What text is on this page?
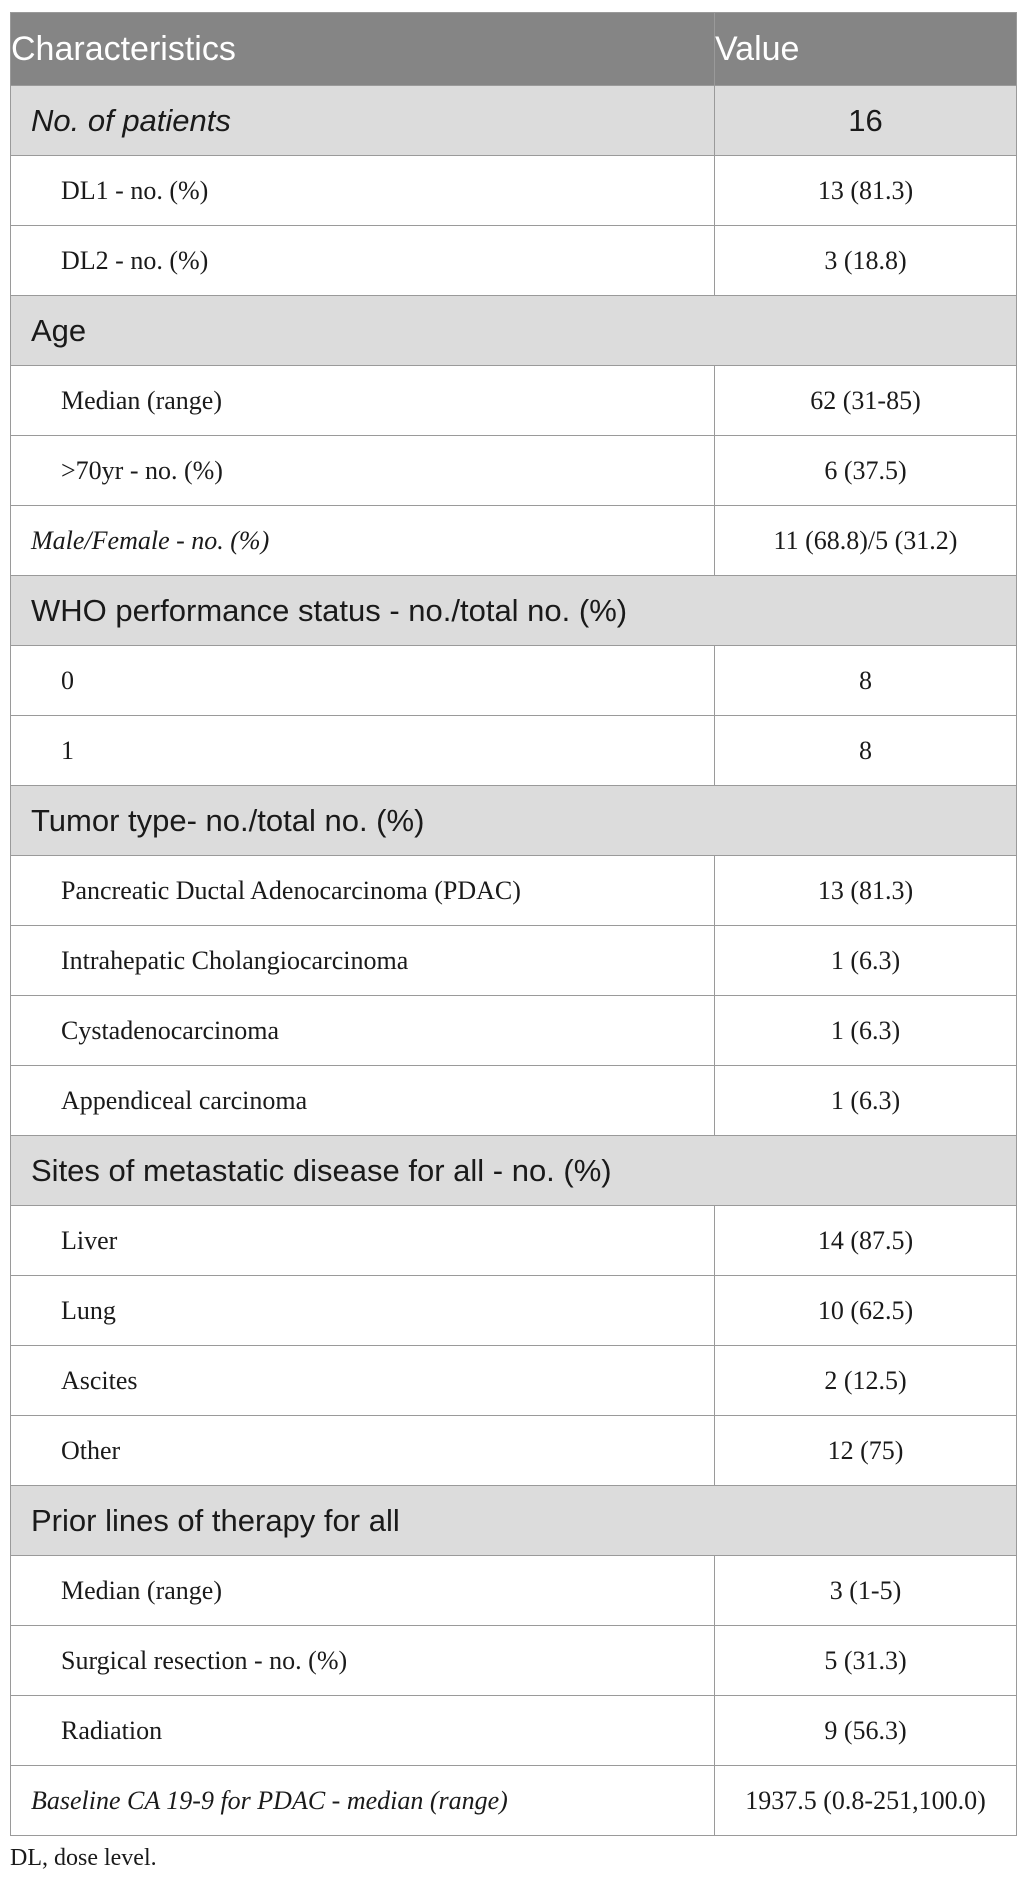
Characteristics	Value
No. of patients	16
DL1 - no. (%)	13 (81.3)
DL2 - no. (%)	3 (18.8)
Age	
Median (range)	62 (31-85)
>70yr - no. (%)	6 (37.5)
Male/Female - no. (%)	11 (68.8)/5 (31.2)
WHO performance status - no./total no. (%)	
0	8
1	8
Tumor type- no./total no. (%)	
Pancreatic Ductal Adenocarcinoma (PDAC)	13 (81.3)
Intrahepatic Cholangiocarcinoma	1 (6.3)
Cystadenocarcinoma	1 (6.3)
Appendiceal carcinoma	1 (6.3)
Sites of metastatic disease for all - no. (%)	
Liver	14 (87.5)
Lung	10 (62.5)
Ascites	2 (12.5)
Other	12 (75)
Prior lines of therapy for all	
Median (range)	3 (1-5)
Surgical resection - no. (%)	5 (31.3)
Radiation	9 (56.3)
Baseline CA 19-9 for PDAC - median (range)	1937.5 (0.8-251,100.0)
DL, dose level.
